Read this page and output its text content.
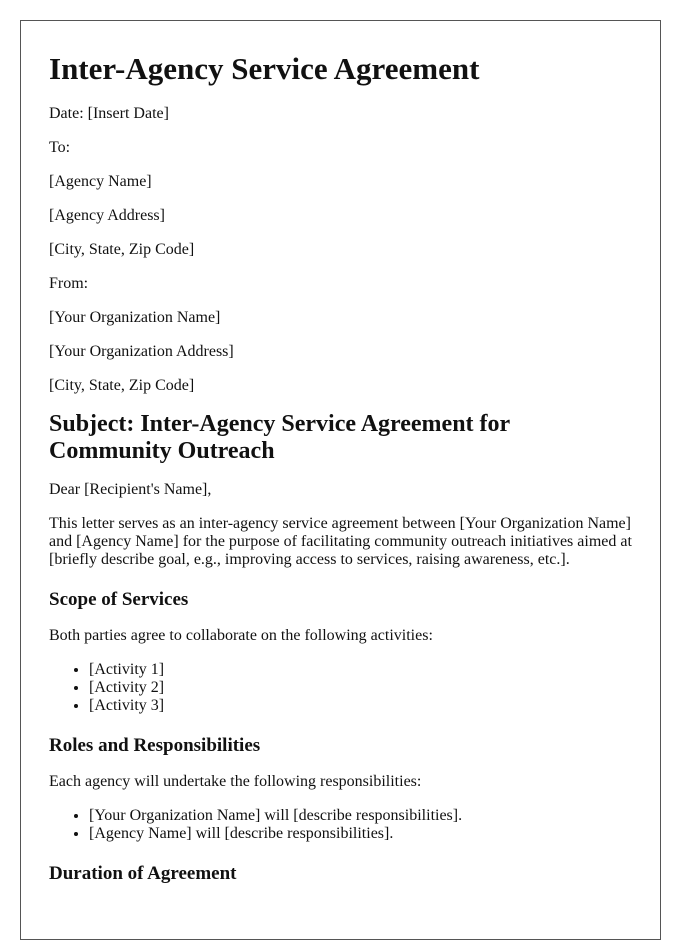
Inter-Agency Service Agreement
Date: [Insert Date]
To:
[Agency Name]
[Agency Address]
[City, State, Zip Code]
From:
[Your Organization Name]
[Your Organization Address]
[City, State, Zip Code]
Subject: Inter-Agency Service Agreement for Community Outreach

Dear [Recipient's Name],

This letter serves as an inter-agency service agreement between [Your Organization Name] and [Agency Name] for the purpose of facilitating community outreach initiatives aimed at [briefly describe goal, e.g., improving access to services, raising awareness, etc.].

Scope of Services

Both parties agree to collaborate on the following activities:

• [Activity 1]
• [Activity 2]
• [Activity 3]
Roles and Responsibilities

Each agency will undertake the following responsibilities:

• [Your Organization Name] will [describe responsibilities].
• [Agency Name] will [describe responsibilities].
Duration of Agreement
